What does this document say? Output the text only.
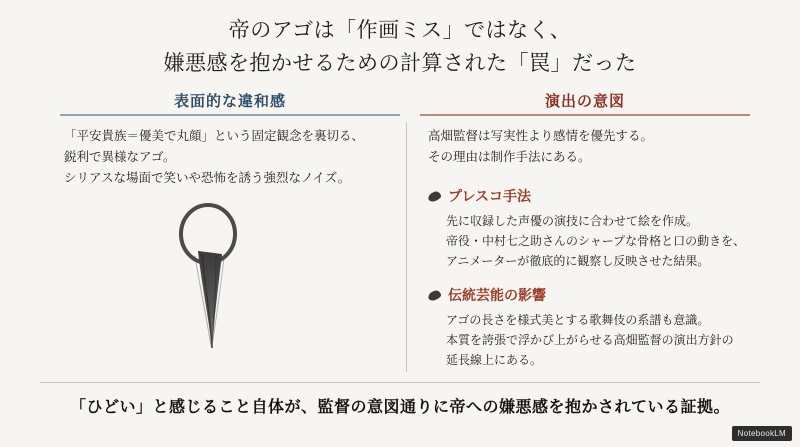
帝のアゴは「作画ミス」ではなく、
嫌悪感を抱かせるための計算された「罠」だった
表面的な違和感	演出の意図

「平安貴族＝優美で丸顔」という固定観念を裏切る、

鋭利で異様なアゴ。

シリアスな場面で笑いや恐怖を誘う強烈なノイズ。

高畑監督は写実性より感情を優先する。
その理由は制作手法にある。

プレスコ手法

先に収録した声優の演技に合わせて絵を作成。
帝役・中村七之助さんのシャープな骨格と口の動きを、
アニメーターが徹底的に観察し反映させた結果。

伝統芸能の影響

アゴの長さを様式美とする歌舞伎の系譜も意識。
本質を誇張で浮かび上がらせる高畑監督の演出方針の
延長線上にある。

「ひどい」と感じること自体が、監督の意図通りに帝への嫌悪感を抱かされている証拠。
NotebookLM
